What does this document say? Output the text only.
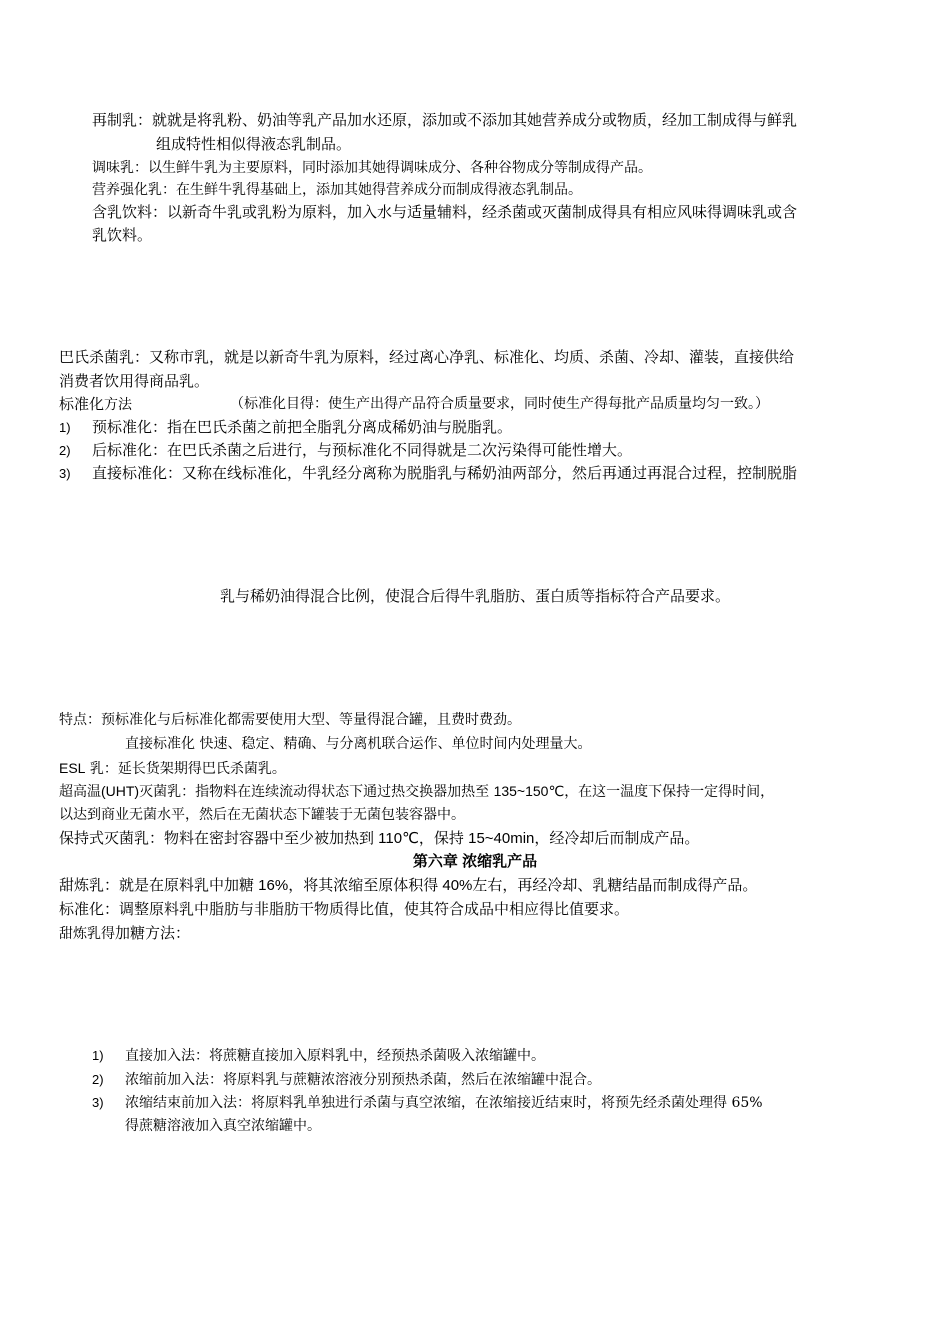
再制乳：就就是将乳粉、奶油等乳产品加水还原，添加或不添加其她营养成分或物质，经加工制成得与鲜乳
组成特性相似得液态乳制品。
调味乳：以生鲜牛乳为主要原料，同时添加其她得调味成分、各种谷物成分等制成得产品。
营养强化乳：在生鲜牛乳得基础上，添加其她得营养成分而制成得液态乳制品。
含乳饮料：以新奇牛乳或乳粉为原料，加入水与适量辅料，经杀菌或灭菌制成得具有相应风味得调味乳或含
乳饮料。
巴氏杀菌乳：又称市乳，就是以新奇牛乳为原料，经过离心净乳、标准化、均质、杀菌、冷却、灌装，直接供给
消费者饮用得商品乳。
标准化方法	（标准化目得：使生产出得产品符合质量要求，同时使生产得每批产品质量均匀一致。）
1) 预标准化：指在巴氏杀菌之前把全脂乳分离成稀奶油与脱脂乳。
2) 后标准化：在巴氏杀菌之后进行，与预标准化不同得就是二次污染得可能性增大。
3) 直接标准化：又称在线标准化，牛乳经分离称为脱脂乳与稀奶油两部分，然后再通过再混合过程，控制脱脂
乳与稀奶油得混合比例，使混合后得牛乳脂肪、蛋白质等指标符合产品要求。
特点：预标准化与后标准化都需要使用大型、等量得混合罐，且费时费劲。
直接标准化 快速、稳定、精确、与分离机联合运作、单位时间内处理量大。
ESL 乳：延长货架期得巴氏杀菌乳。
超高温(UHT)灭菌乳：指物料在连续流动得状态下通过热交换器加热至 135~150℃，在这一温度下保持一定得时间，
以达到商业无菌水平，然后在无菌状态下罐装于无菌包装容器中。
保持式灭菌乳：物料在密封容器中至少被加热到 110℃，保持 15~40min，经冷却后而制成产品。
第六章 浓缩乳产品
甜炼乳：就是在原料乳中加糖 16%，将其浓缩至原体积得 40%左右，再经冷却、乳糖结晶而制成得产品。
标准化：调整原料乳中脂肪与非脂肪干物质得比值，使其符合成品中相应得比值要求。
甜炼乳得加糖方法：
1) 直接加入法：将蔗糖直接加入原料乳中，经预热杀菌吸入浓缩罐中。
2) 浓缩前加入法：将原料乳与蔗糖浓溶液分别预热杀菌，然后在浓缩罐中混合。
3) 浓缩结束前加入法：将原料乳单独进行杀菌与真空浓缩，在浓缩接近结束时，将预先经杀菌处理得 65%
得蔗糖溶液加入真空浓缩罐中。
